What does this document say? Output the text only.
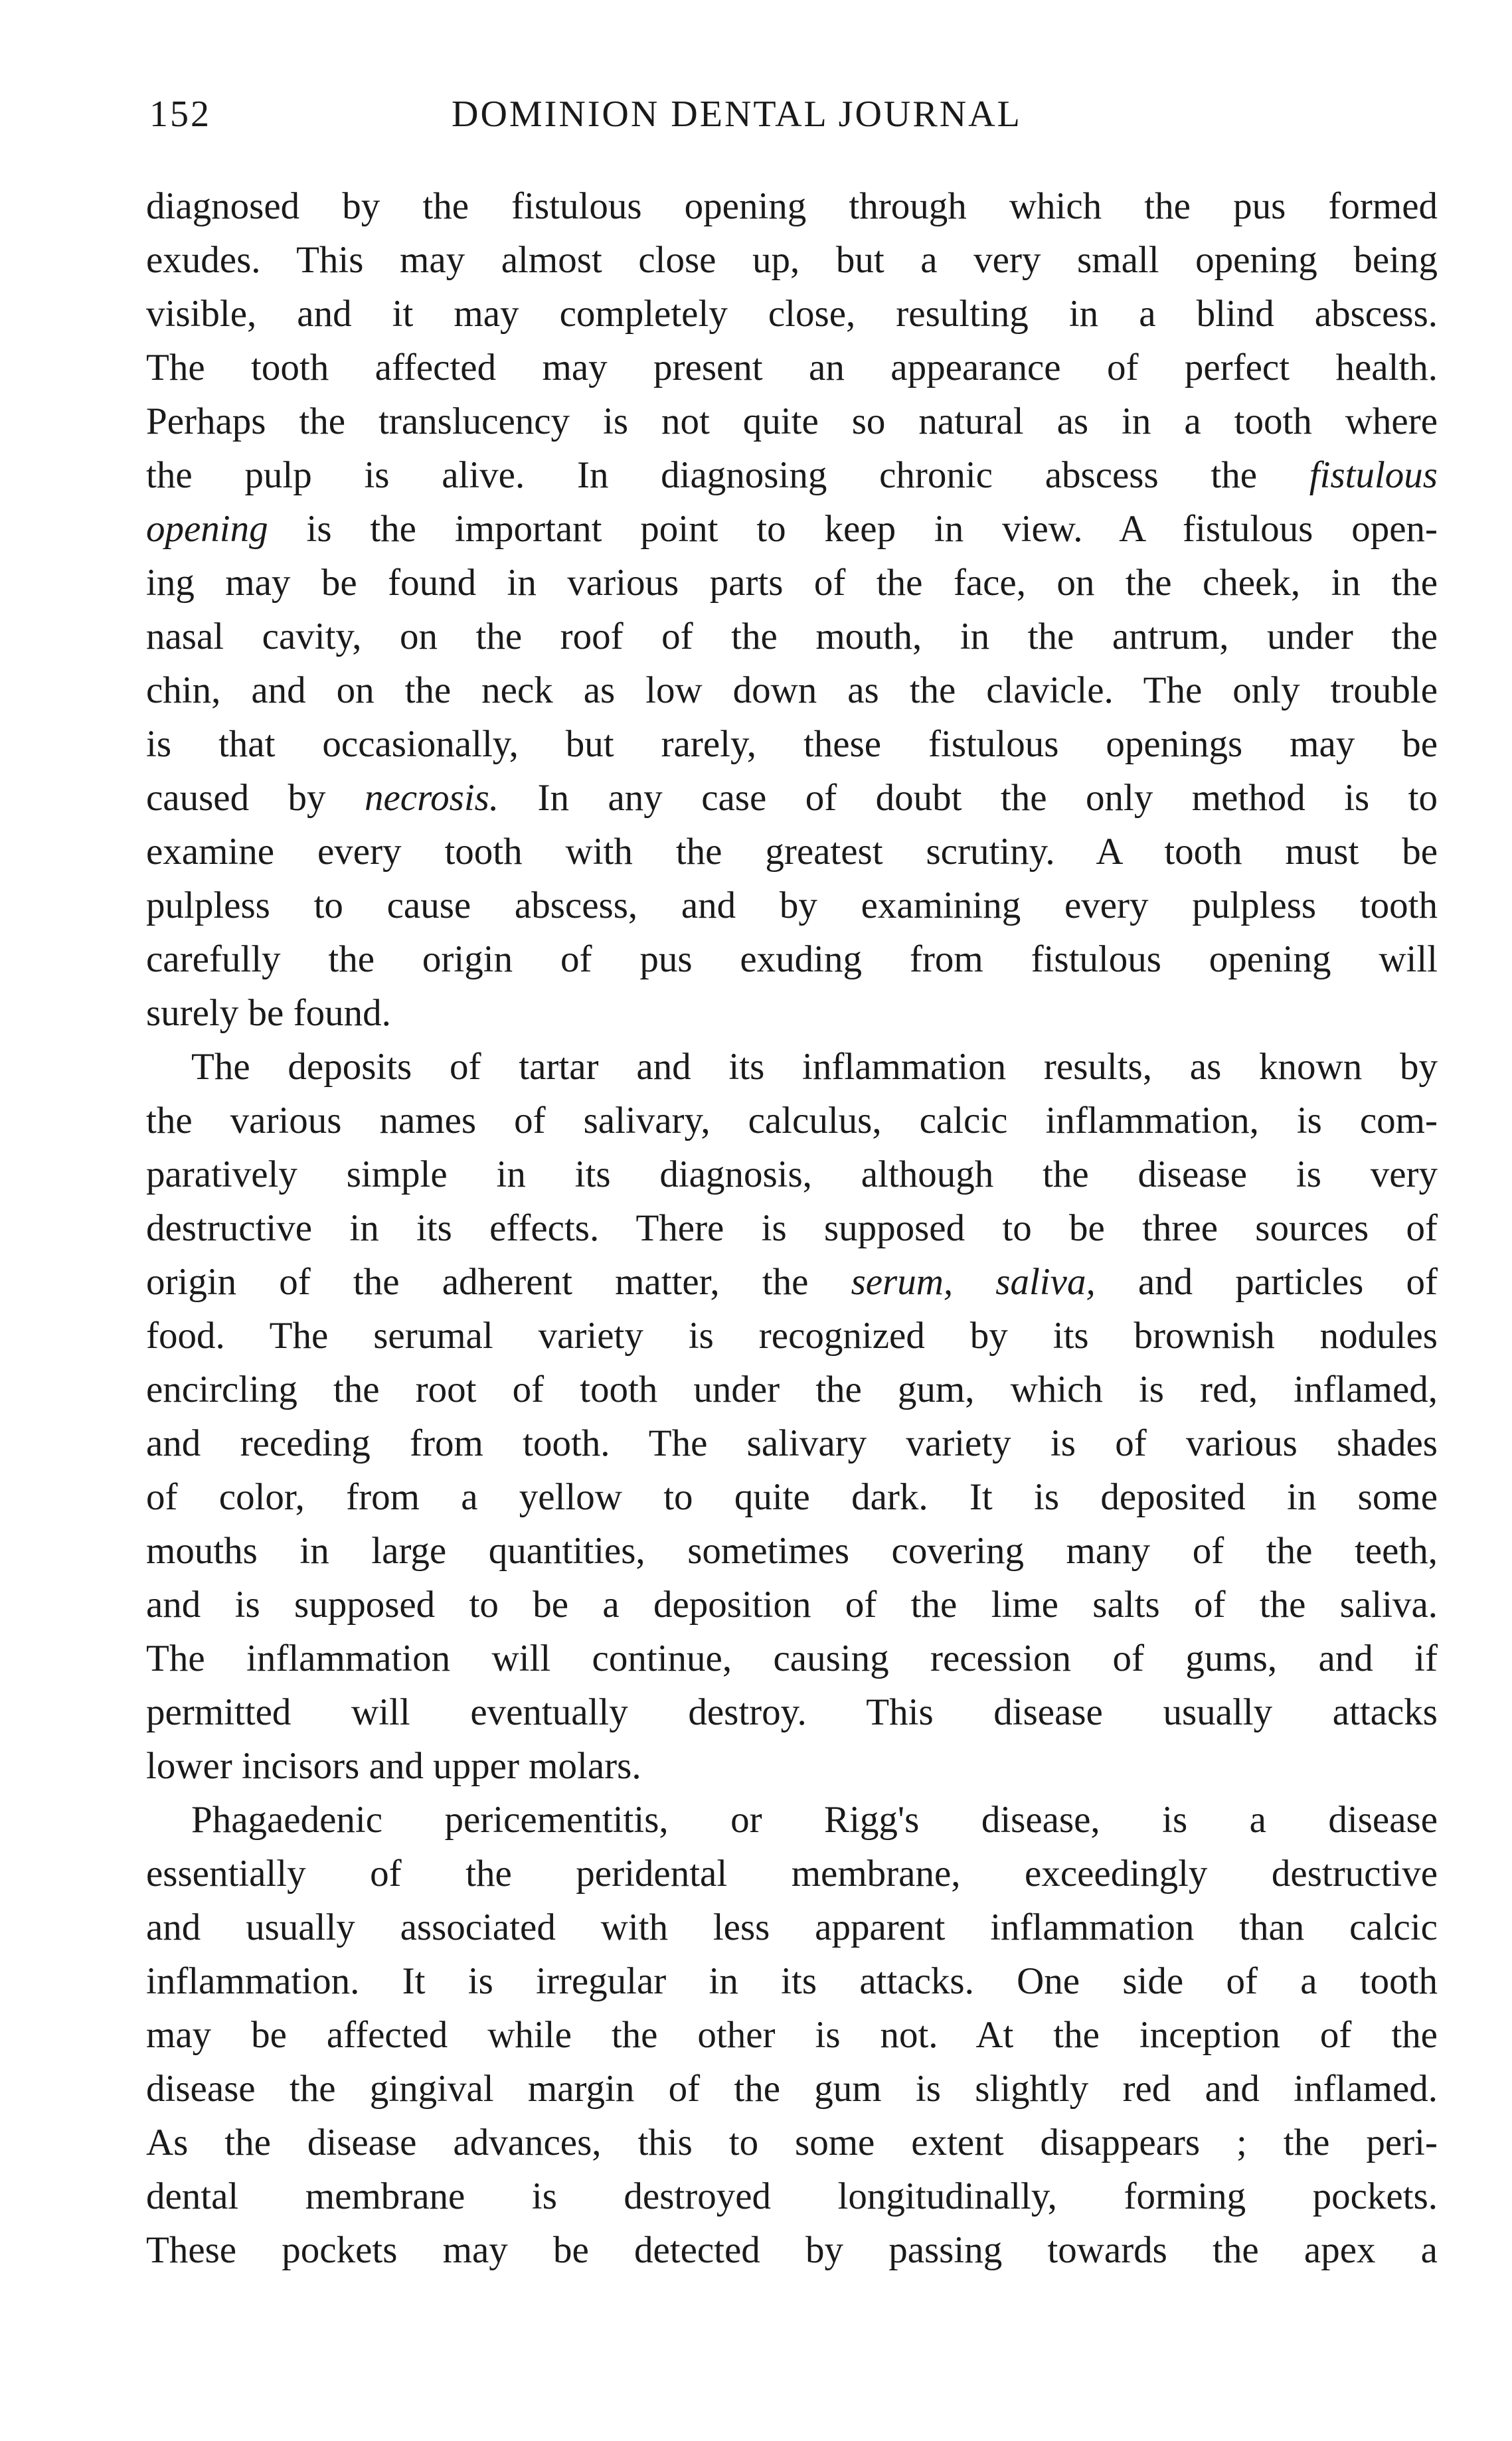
152	DOMINION DENTAL JOURNAL
diagnosed by the fistulous opening through which the pus formed
exudes. This may almost close up, but a very small opening being
visible, and it may completely close, resulting in a blind abscess.
The tooth affected may present an appearance of perfect health.
Perhaps the translucency is not quite so natural as in a tooth where
the pulp is alive. In diagnosing chronic abscess the fistulous
opening is the important point to keep in view. A fistulous open-
ing may be found in various parts of the face, on the cheek, in the
nasal cavity, on the roof of the mouth, in the antrum, under the
chin, and on the neck as low down as the clavicle. The only trouble
is that occasionally, but rarely, these fistulous openings may be
caused by necrosis. In any case of doubt the only method is to
examine every tooth with the greatest scrutiny. A tooth must be
pulpless to cause abscess, and by examining every pulpless tooth
carefully the origin of pus exuding from fistulous opening will
surely be found.
The deposits of tartar and its inflammation results, as known by
the various names of salivary, calculus, calcic inflammation, is com-
paratively simple in its diagnosis, although the disease is very
destructive in its effects. There is supposed to be three sources of
origin of the adherent matter, the serum, saliva, and particles of
food. The serumal variety is recognized by its brownish nodules
encircling the root of tooth under the gum, which is red, inflamed,
and receding from tooth. The salivary variety is of various shades
of color, from a yellow to quite dark. It is deposited in some
mouths in large quantities, sometimes covering many of the teeth,
and is supposed to be a deposition of the lime salts of the saliva.
The inflammation will continue, causing recession of gums, and if
permitted will eventually destroy. This disease usually attacks
lower incisors and upper molars.
Phagaedenic pericementitis, or Rigg's disease, is a disease
essentially of the peridental membrane, exceedingly destructive
and usually associated with less apparent inflammation than calcic
inflammation. It is irregular in its attacks. One side of a tooth
may be affected while the other is not. At the inception of the
disease the gingival margin of the gum is slightly red and inflamed.
As the disease advances, this to some extent disappears ; the peri-
dental membrane is destroyed longitudinally, forming pockets.
These pockets may be detected by passing towards the apex a
